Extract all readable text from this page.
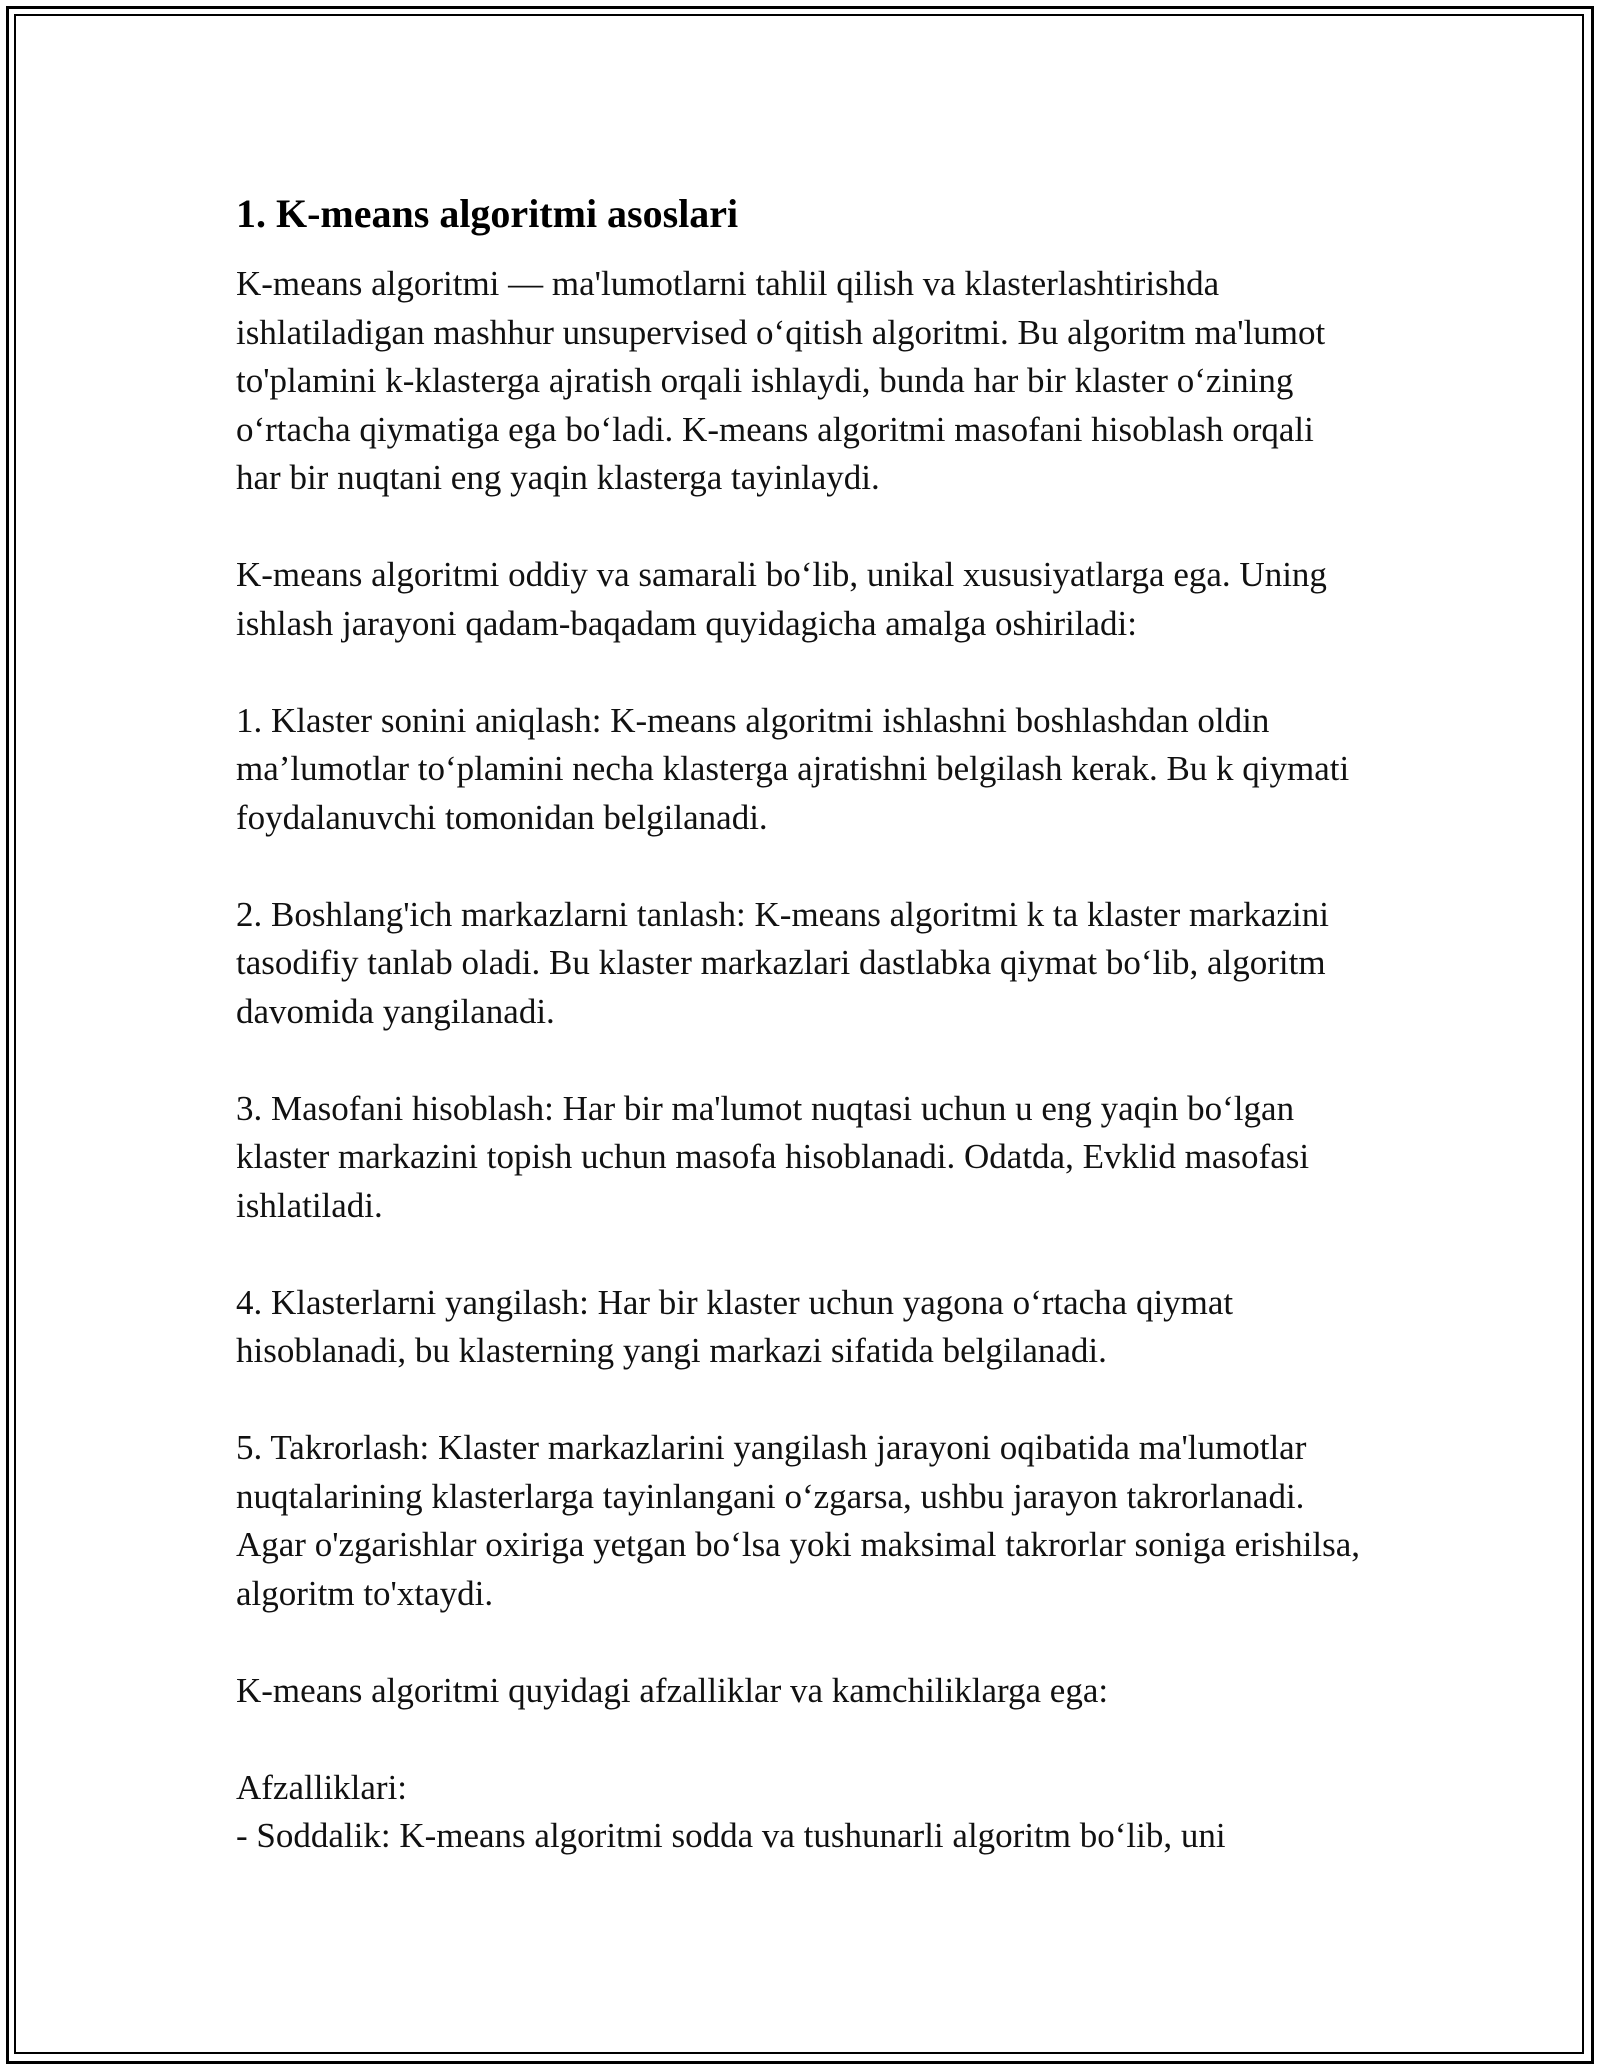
1. K-means algoritmi asoslari

K-means algoritmi — ma'lumotlarni tahlil qilish va klasterlashtirishda ishlatiladigan mashhur unsupervised o‘qitish algoritmi. Bu algoritm ma'lumot to'plamini k-klasterga ajratish orqali ishlaydi, bunda har bir klaster o‘zining o‘rtacha qiymatiga ega bo‘ladi. K-means algoritmi masofani hisoblash orqali har bir nuqtani eng yaqin klasterga tayinlaydi.

K-means algoritmi oddiy va samarali bo‘lib, unikal xususiyatlarga ega. Uning ishlash jarayoni qadam-baqadam quyidagicha amalga oshiriladi:

1. Klaster sonini aniqlash: K-means algoritmi ishlashni boshlashdan oldin ma’lumotlar to‘plamini necha klasterga ajratishni belgilash kerak. Bu k qiymati foydalanuvchi tomonidan belgilanadi.

2. Boshlang'ich markazlarni tanlash: K-means algoritmi k ta klaster markazini tasodifiy tanlab oladi. Bu klaster markazlari dastlabka qiymat bo‘lib, algoritm davomida yangilanadi.

3. Masofani hisoblash: Har bir ma'lumot nuqtasi uchun u eng yaqin bo‘lgan klaster markazini topish uchun masofa hisoblanadi. Odatda, Evklid masofasi ishlatiladi.

4. Klasterlarni yangilash: Har bir klaster uchun yagona o‘rtacha qiymat hisoblanadi, bu klasterning yangi markazi sifatida belgilanadi.

5. Takrorlash: Klaster markazlarini yangilash jarayoni oqibatida ma'lumotlar nuqtalarining klasterlarga tayinlangani o‘zgarsa, ushbu jarayon takrorlanadi. Agar o'zgarishlar oxiriga yetgan bo‘lsa yoki maksimal takrorlar soniga erishilsa, algoritm to'xtaydi.

K-means algoritmi quyidagi afzalliklar va kamchiliklarga ega:

Afzalliklari:

- Soddalik: K-means algoritmi sodda va tushunarli algoritm bo‘lib, uni
